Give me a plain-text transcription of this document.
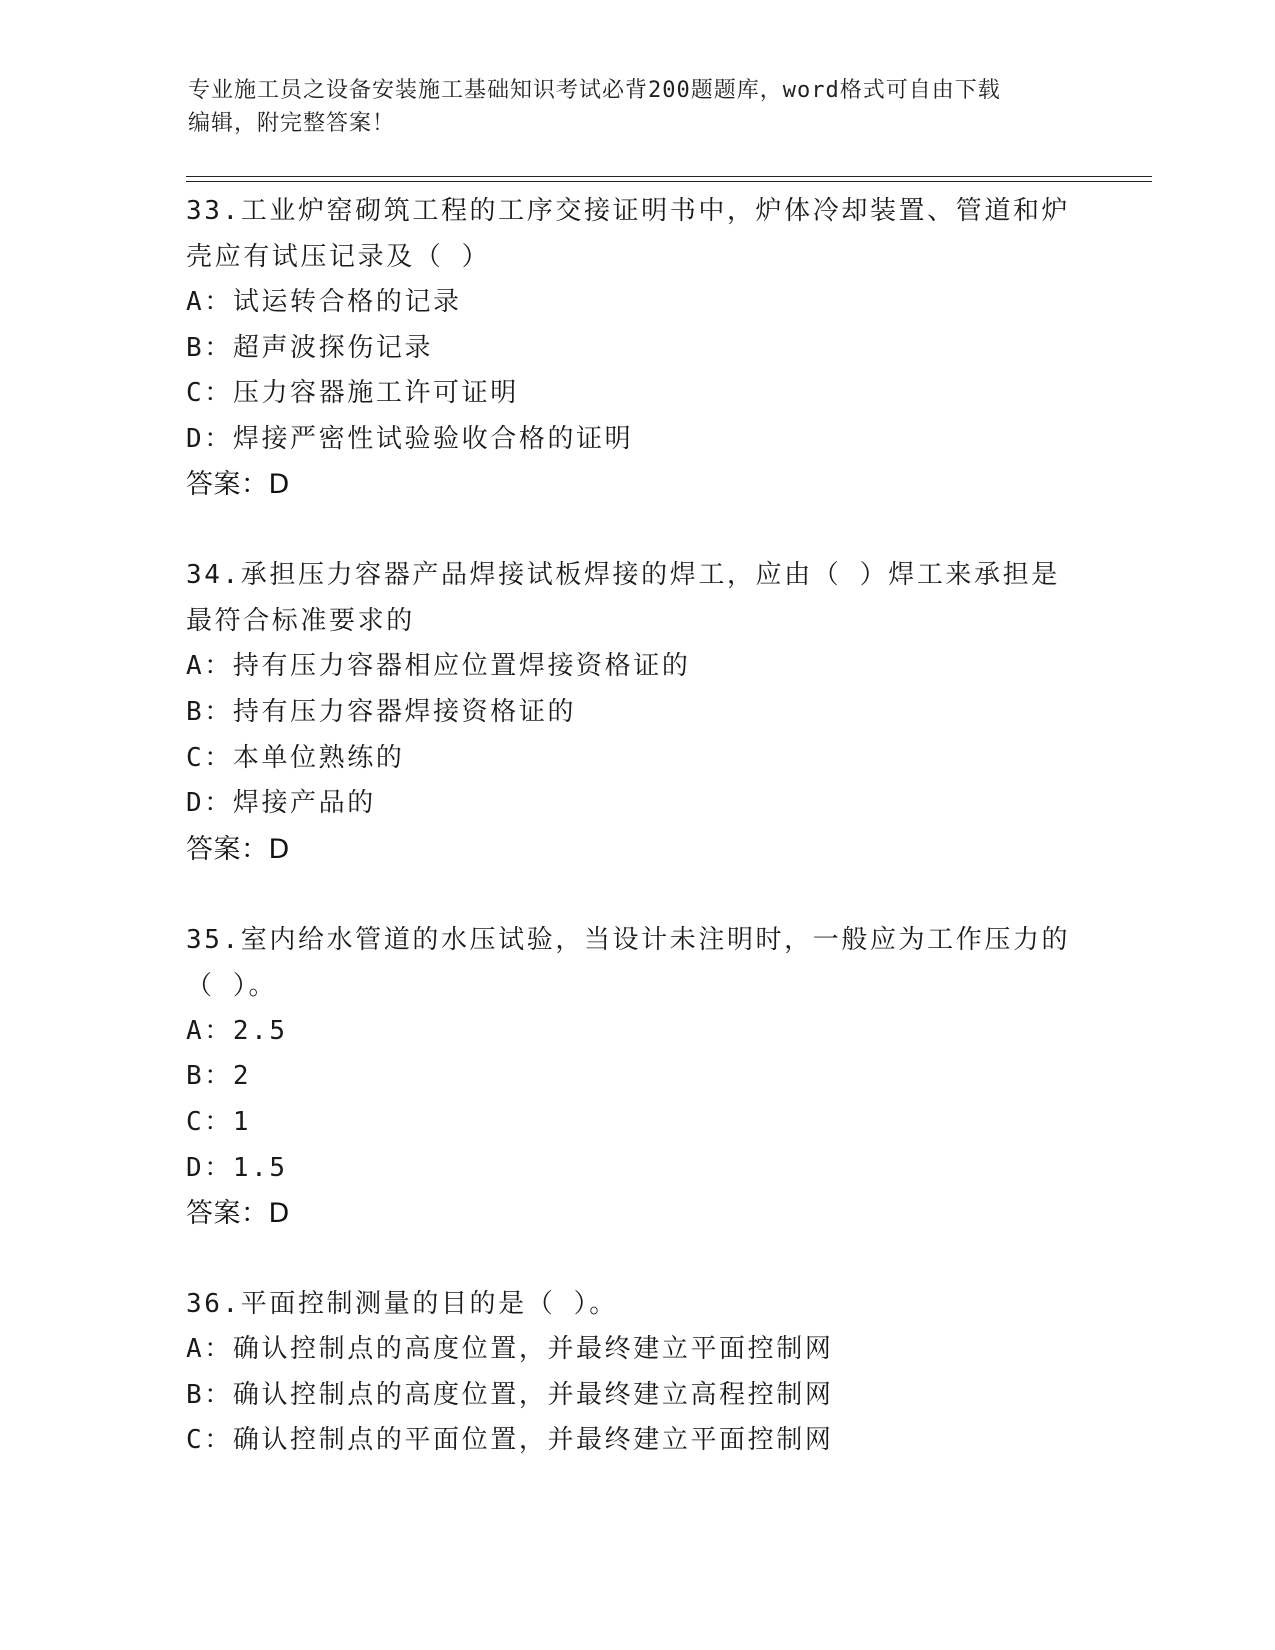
专业施工员之设备安装施工基础知识考试必背200题题库，word格式可自由下载
编辑，附完整答案！
33.工业炉窑砌筑工程的工序交接证明书中，炉体冷却装置、管道和炉
壳应有试压记录及（ ）
A：试运转合格的记录
B：超声波探伤记录
C：压力容器施工许可证明
D：焊接严密性试验验收合格的证明
答案：D
34.承担压力容器产品焊接试板焊接的焊工，应由（ ）焊工来承担是
最符合标准要求的
A：持有压力容器相应位置焊接资格证的
B：持有压力容器焊接资格证的
C：本单位熟练的
D：焊接产品的
答案：D
35.室内给水管道的水压试验，当设计未注明时，一般应为工作压力的
（ ）。
A：2.5
B：2
C：1
D：1.5
答案：D
36.平面控制测量的目的是（ ）。
A：确认控制点的高度位置，并最终建立平面控制网
B：确认控制点的高度位置，并最终建立高程控制网
C：确认控制点的平面位置，并最终建立平面控制网
